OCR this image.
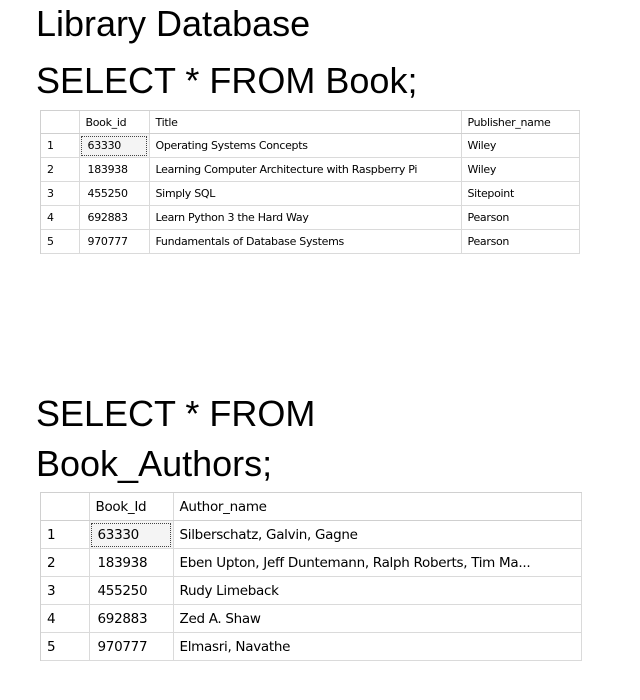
Library Database
SELECT * FROM Book;
	Book_id	Title	Publisher_name
1	63330	Operating Systems Concepts	Wiley
2	183938	Learning Computer Architecture with Raspberry Pi	Wiley
3	455250	Simply SQL	Sitepoint
4	692883	Learn Python 3 the Hard Way	Pearson
5	970777	Fundamentals of Database Systems	Pearson
SELECT * FROM
Book_Authors;
	Book_Id	Author_name
1	63330	Silberschatz, Galvin, Gagne
2	183938	Eben Upton, Jeff Duntemann, Ralph Roberts, Tim Ma...
3	455250	Rudy Limeback
4	692883	Zed A. Shaw
5	970777	Elmasri, Navathe
